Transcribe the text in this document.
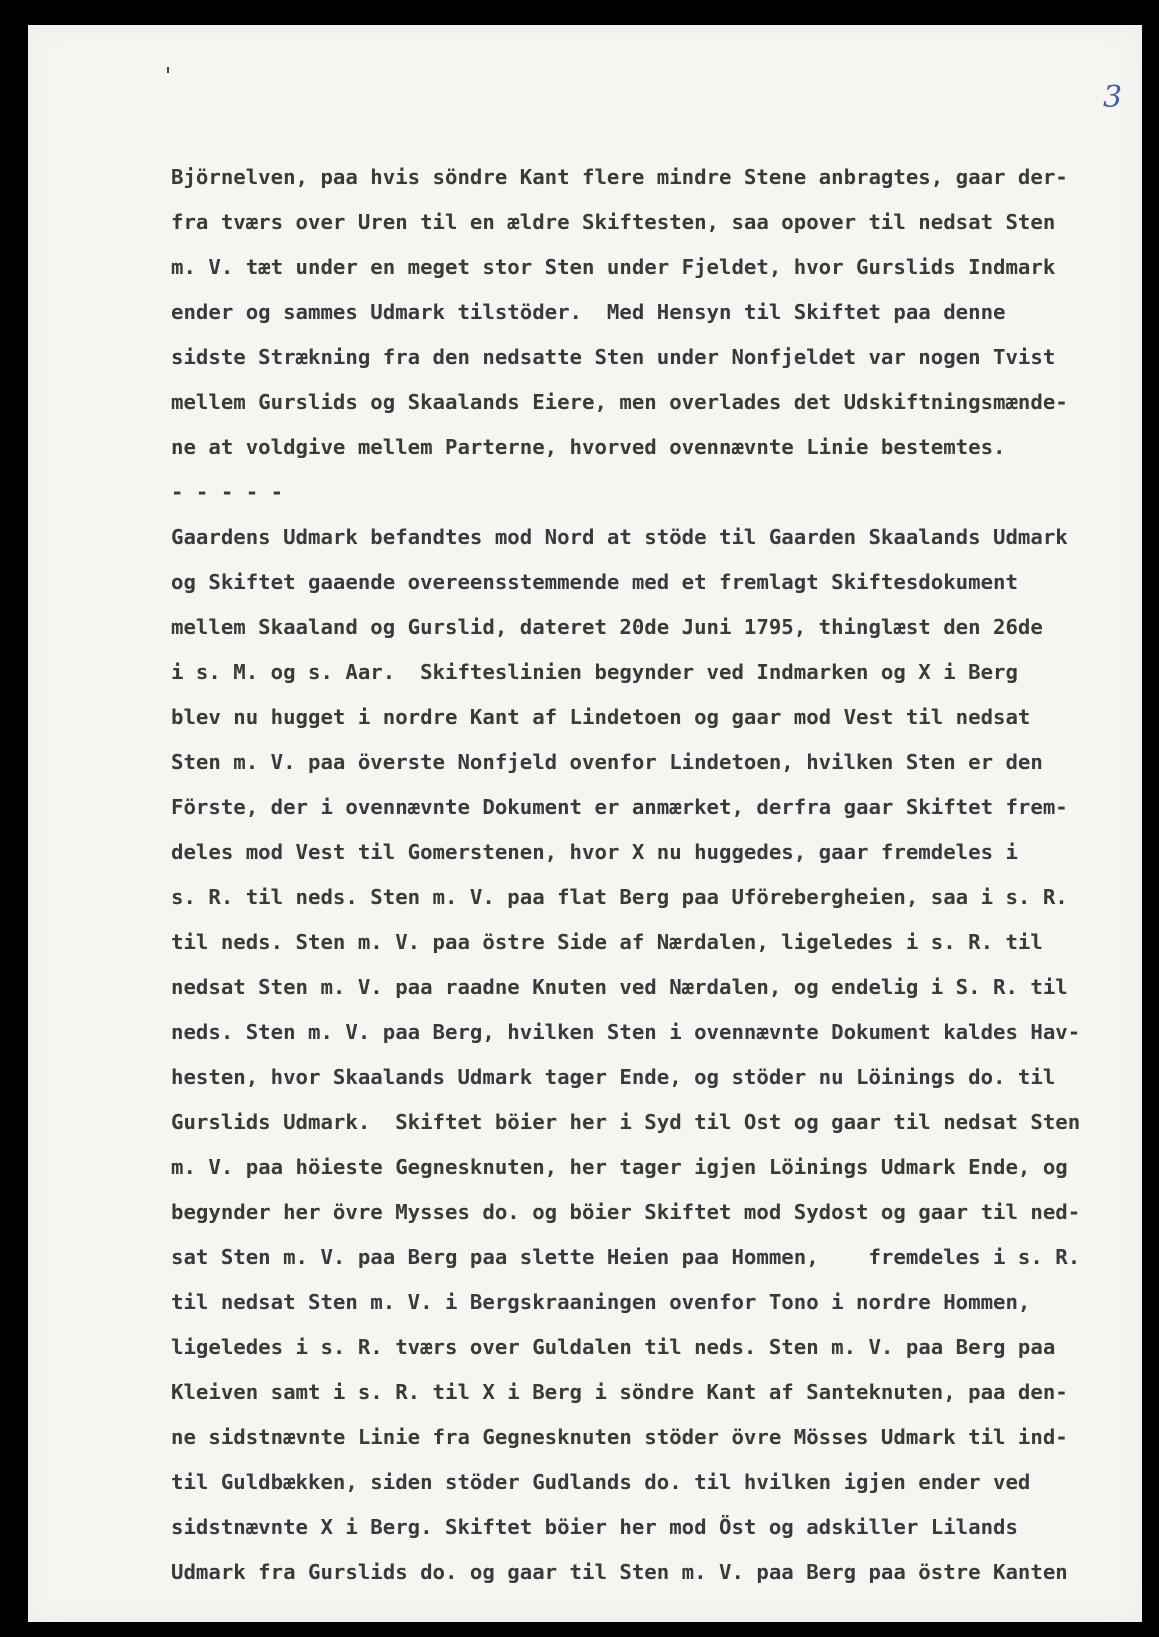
3
Björnelven, paa hvis söndre Kant flere mindre Stene anbragtes, gaar der-
fra tværs over Uren til en ældre Skiftesten, saa opover til nedsat Sten
m. V. tæt under en meget stor Sten under Fjeldet, hvor Gurslids Indmark
ender og sammes Udmark tilstöder.  Med Hensyn til Skiftet paa denne
sidste Strækning fra den nedsatte Sten under Nonfjeldet var nogen Tvist
mellem Gurslids og Skaalands Eiere, men overlades det Udskiftningsmænde-
ne at voldgive mellem Parterne, hvorved ovennævnte Linie bestemtes.
- - - - -
Gaardens Udmark befandtes mod Nord at stöde til Gaarden Skaalands Udmark
og Skiftet gaaende overeensstemmende med et fremlagt Skiftesdokument
mellem Skaaland og Gurslid, dateret 20de Juni 1795, thinglæst den 26de
i s. M. og s. Aar.  Skifteslinien begynder ved Indmarken og X i Berg
blev nu hugget i nordre Kant af Lindetoen og gaar mod Vest til nedsat
Sten m. V. paa överste Nonfjeld ovenfor Lindetoen, hvilken Sten er den
Förste, der i ovennævnte Dokument er anmærket, derfra gaar Skiftet frem-
deles mod Vest til Gomerstenen, hvor X nu huggedes, gaar fremdeles i
s. R. til neds. Sten m. V. paa flat Berg paa Uförebergheien, saa i s. R.
til neds. Sten m. V. paa östre Side af Nærdalen, ligeledes i s. R. til
nedsat Sten m. V. paa raadne Knuten ved Nærdalen, og endelig i S. R. til
neds. Sten m. V. paa Berg, hvilken Sten i ovennævnte Dokument kaldes Hav-
hesten, hvor Skaalands Udmark tager Ende, og stöder nu Löinings do. til
Gurslids Udmark.  Skiftet böier her i Syd til Ost og gaar til nedsat Sten
m. V. paa höieste Gegnesknuten, her tager igjen Löinings Udmark Ende, og
begynder her övre Mysses do. og böier Skiftet mod Sydost og gaar til ned-
sat Sten m. V. paa Berg paa slette Heien paa Hommen,    fremdeles i s. R.
til nedsat Sten m. V. i Bergskraaningen ovenfor Tono i nordre Hommen,
ligeledes i s. R. tværs over Guldalen til neds. Sten m. V. paa Berg paa
Kleiven samt i s. R. til X i Berg i söndre Kant af Santeknuten, paa den-
ne sidstnævnte Linie fra Gegnesknuten stöder övre Mösses Udmark til ind-
til Guldbækken, siden stöder Gudlands do. til hvilken igjen ender ved
sidstnævnte X i Berg. Skiftet böier her mod Öst og adskiller Lilands
Udmark fra Gurslids do. og gaar til Sten m. V. paa Berg paa östre Kanten
